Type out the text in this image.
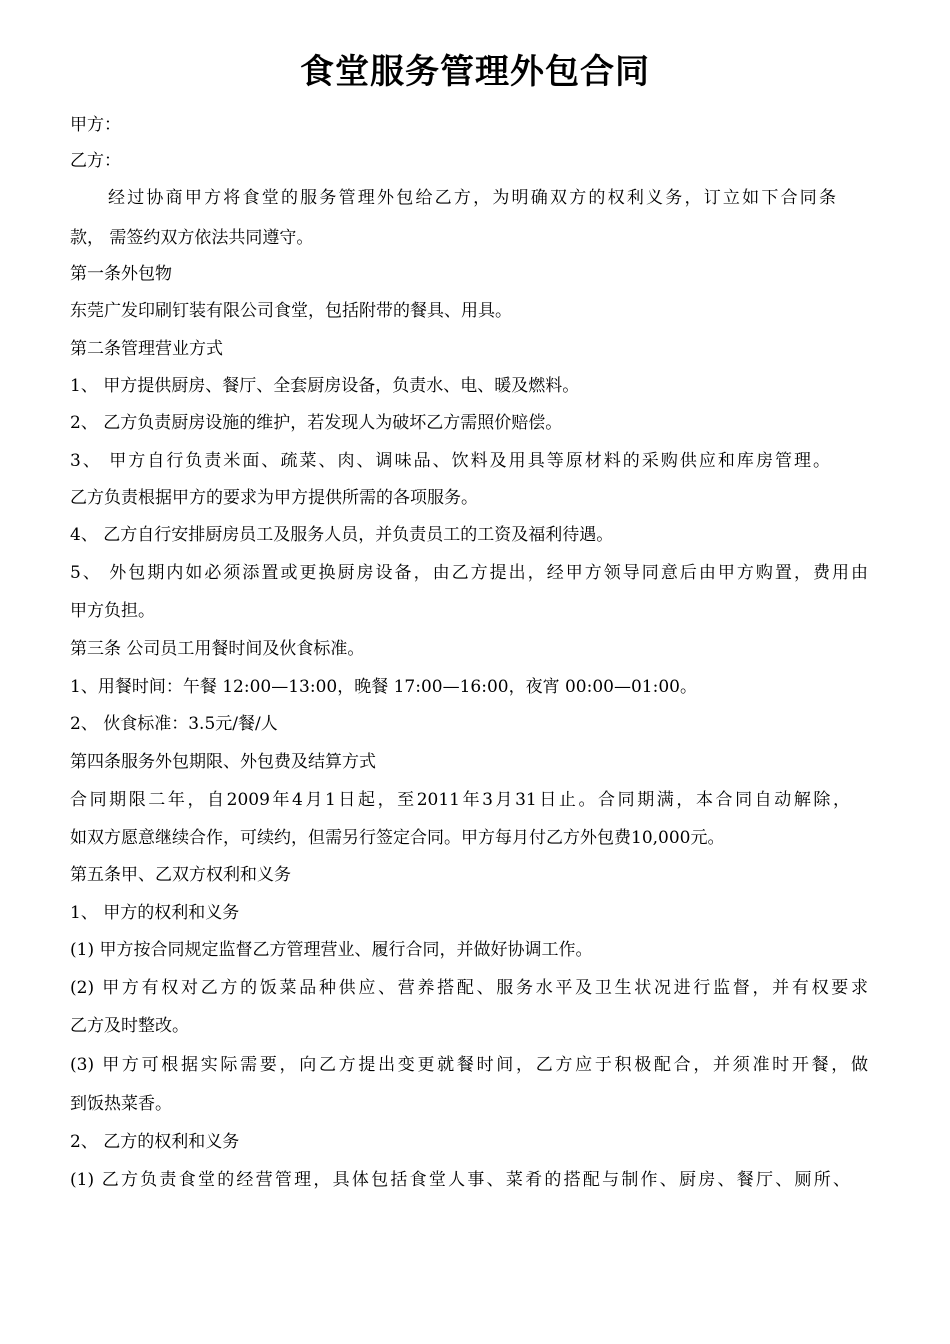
食堂服务管理外包合同
甲方：
乙方：
经过协商甲方将食堂的服务管理外包给乙方，为明确双方的权利义务，订立如下合同条
款， 需签约双方依法共同遵守。
第一条外包物
东莞广发印刷钉装有限公司食堂，包括附带的餐具、用具。
第二条管理营业方式
1、 甲方提供厨房、餐厅、全套厨房设备，负责水、电、暖及燃料。
2、 乙方负责厨房设施的维护，若发现人为破坏乙方需照价赔偿。
3、 甲方自行负责米面、疏菜、肉、调味品、饮料及用具等原材料的采购供应和库房管理。
乙方负责根据甲方的要求为甲方提供所需的各项服务。
4、 乙方自行安排厨房员工及服务人员，并负责员工的工资及福利待遇。
5、 外包期内如必须添置或更换厨房设备，由乙方提出，经甲方领导同意后由甲方购置，费用由
甲方负担。
第三条 公司员工用餐时间及伙食标准。
1、用餐时间：午餐 12:00—13:00，晚餐 17:00—16:00，夜宵 00:00—01:00。
2、 伙食标准：3.5元/餐/人
第四条服务外包期限、外包费及结算方式
合同期限二年，自2009年4月1日起，至2011年3月31日止。合同期满，本合同自动解除，
如双方愿意继续合作，可续约，但需另行签定合同。甲方每月付乙方外包费10,000元。
第五条甲、乙双方权利和义务
1、 甲方的权利和义务
(1) 甲方按合同规定监督乙方管理营业、履行合同，并做好协调工作。
(2) 甲方有权对乙方的饭菜品种供应、营养搭配、服务水平及卫生状况进行监督，并有权要求
乙方及时整改。
(3) 甲方可根据实际需要，向乙方提出变更就餐时间，乙方应于积极配合，并须准时开餐，做
到饭热菜香。
2、 乙方的权利和义务
(1) 乙方负责食堂的经营管理，具体包括食堂人事、菜肴的搭配与制作、厨房、餐厅、厕所、
